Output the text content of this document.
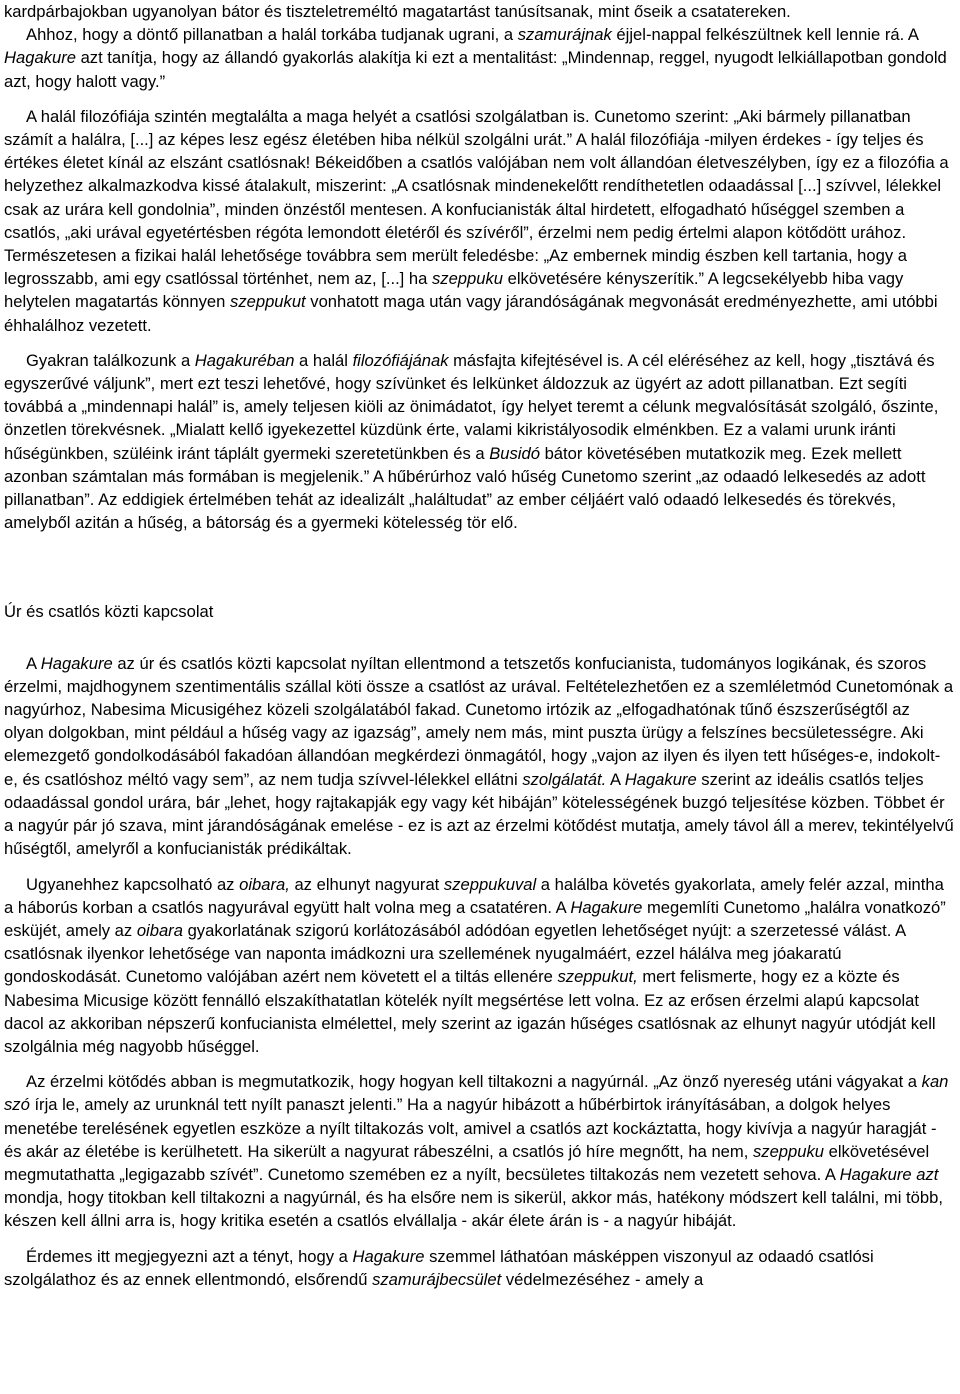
kardpárbajokban ugyanolyan bátor és tiszteletreméltó magatartást tanúsítsanak, mint őseik a csatatereken.

Ahhoz, hogy a döntő pillanatban a halál torkába tudjanak ugrani, a szamurájnak éjjel-nappal felkészültnek kell lennie rá. A Hagakure azt tanítja, hogy az állandó gyakorlás alakítja ki ezt a mentalitást: „Mindennap, reggel, nyugodt lelkiállapotban gondold azt, hogy halott vagy.”

A halál filozófiája szintén megtalálta a maga helyét a csatlósi szolgálatban is. Cunetomo szerint: „Aki bármely pillanatban számít a halálra, [...] az képes lesz egész életében hiba nélkül szolgálni urát.” A halál filozófiája -milyen érdekes - így teljes és értékes életet kínál az elszánt csatlósnak! Békeidőben a csatlós valójában nem volt állandóan életveszélyben, így ez a filozófia a helyzethez alkalmazkodva kissé átalakult, miszerint: „A csatlósnak mindenekelőtt rendíthetetlen odaadással [...] szívvel, lélekkel csak az urára kell gondolnia”, minden önzéstől mentesen. A konfucianisták által hirdetett, elfogadható hűséggel szemben a csatlós, „aki urával egyetértésben régóta lemondott életéről és szívéről”, érzelmi nem pedig értelmi alapon kötődött urához. Természetesen a fizikai halál lehetősége továbbra sem merült feledésbe: „Az embernek mindig észben kell tartania, hogy a legrosszabb, ami egy csatlóssal történhet, nem az, [...] ha szeppuku elkövetésére kényszerítik.” A legcsekélyebb hiba vagy helytelen magatartás könnyen szeppukut vonhatott maga után vagy járandóságának megvonását eredményezhette, ami utóbbi éhhalálhoz vezetett.

Gyakran találkozunk a Hagakuréban a halál filozófiájának másfajta kifejtésével is. A cél eléréséhez az kell, hogy „tisztává és egyszerűvé váljunk”, mert ezt teszi lehetővé, hogy szívünket és lelkünket áldozzuk az ügyért az adott pillanatban. Ezt segíti továbbá a „mindennapi halál” is, amely teljesen kiöli az önimádatot, így helyet teremt a célunk megvalósítását szolgáló, őszinte, önzetlen törekvésnek. „Mialatt kellő igyekezettel küzdünk érte, valami kikristályosodik elménkben. Ez a valami urunk iránti hűségünkben, szüléink iránt táplált gyermeki szeretetünkben és a Busidó bátor követésében mutatkozik meg. Ezek mellett azonban számtalan más formában is megjelenik.” A hűbérúrhoz való hűség Cunetomo szerint „az odaadó lelkesedés az adott pillanatban”. Az eddigiek értelmében tehát az idealizált „haláltudat” az ember céljáért való odaadó lelkesedés és törekvés, amelyből azitán a hűség, a bátorság és a gyermeki kötelesség tör elő.

Úr és csatlós közti kapcsolat

A Hagakure az úr és csatlós közti kapcsolat nyíltan ellentmond a tetszetős konfucianista, tudományos logikának, és szoros érzelmi, majdhogynem szentimentális szállal köti össze a csatlóst az urával. Feltételezhetően ez a szemléletmód Cunetomónak a nagyúrhoz, Nabesima Micusigéhez közeli szolgálatából fakad. Cunetomo irtózik az „elfogadhatónak tűnő észszerűségtől az olyan dolgokban, mint például a hűség vagy az igazság”, amely nem más, mint puszta ürügy a felszínes becsületességre. Aki elemezgető gondolkodásából fakadóan állandóan megkérdezi önmagától, hogy „vajon az ilyen és ilyen tett hűséges-e, indokolt-e, és csatlóshoz méltó vagy sem”, az nem tudja szívvel-lélekkel ellátni szolgálatát. A Hagakure szerint az ideális csatlós teljes odaadással gondol urára, bár „lehet, hogy rajtakapják egy vagy két hibáján” kötelességének buzgó teljesítése közben. Többet ér a nagyúr pár jó szava, mint járandóságának emelése - ez is azt az érzelmi kötődést mutatja, amely távol áll a merev, tekintélyelvű hűségtől, amelyről a konfucianisták prédikáltak.

Ugyanehhez kapcsolható az oibara, az elhunyt nagyurat szeppukuval a halálba követés gyakorlata, amely felér azzal, mintha a háborús korban a csatlós nagyurával együtt halt volna meg a csatatéren. A Hagakure megemlíti Cunetomo „halálra vonatkozó” esküjét, amely az oibara gyakorlatának szigorú korlátozásából adódóan egyetlen lehetőséget nyújt: a szerzetessé válást. A csatlósnak ilyenkor lehetősége van naponta imádkozni ura szellemének nyugalmáért, ezzel hálálva meg jóakaratú gondoskodását. Cunetomo valójában azért nem követett el a tiltás ellenére szeppukut, mert felismerte, hogy ez a közte és Nabesima Micusige között fennálló elszakíthatatlan kötelék nyílt megsértése lett volna. Ez az erősen érzelmi alapú kapcsolat dacol az akkoriban népszerű konfucianista elmélettel, mely szerint az igazán hűséges csatlósnak az elhunyt nagyúr utódját kell szolgálnia még nagyobb hűséggel.

Az érzelmi kötődés abban is megmutatkozik, hogy hogyan kell tiltakozni a nagyúrnál. „Az önző nyereség utáni vágyakat a kan szó írja le, amely az urunknál tett nyílt panaszt jelenti.” Ha a nagyúr hibázott a hűbérbirtok irányításában, a dolgok helyes menetébe terelésének egyetlen eszköze a nyílt tiltakozás volt, amivel a csatlós azt kockáztatta, hogy kivívja a nagyúr haragját - és akár az életébe is kerülhetett. Ha sikerült a nagyurat rábeszélni, a csatlós jó híre megnőtt, ha nem, szeppuku elkövetésével megmutathatta „legigazabb szívét”. Cunetomo szemében ez a nyílt, becsületes tiltakozás nem vezetett sehova. A Hagakure azt mondja, hogy titokban kell tiltakozni a nagyúrnál, és ha elsőre nem is sikerül, akkor más, hatékony módszert kell találni, mi több, készen kell állni arra is, hogy kritika esetén a csatlós elvállalja - akár élete árán is - a nagyúr hibáját.

Érdemes itt megjegyezni azt a tényt, hogy a Hagakure szemmel láthatóan másképpen viszonyul az odaadó csatlósi szolgálathoz és az ennek ellentmondó, elsőrendű szamurájbecsület védelmezéséhez - amely a
